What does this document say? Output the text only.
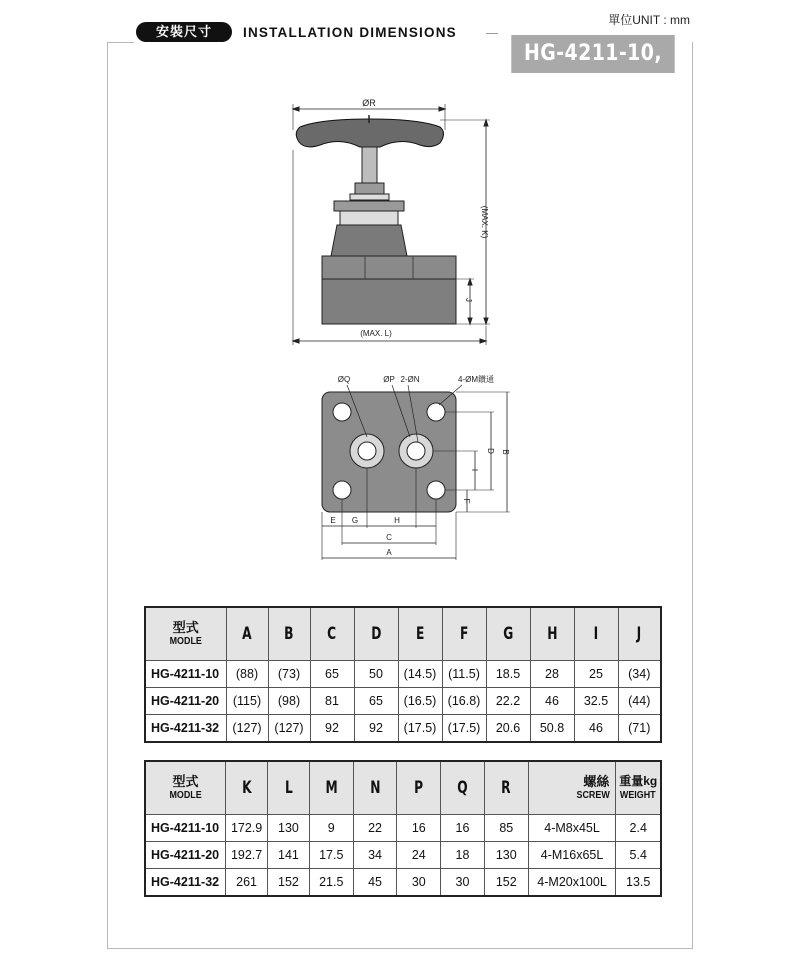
單位UNIT : mm
安裝尺寸	INSTALLATION DIMENSIONS
HG-4211-10, 20. 32
ØR
(MAX. K)
J
(MAX. L)
ØQ	ØP 2-ØN	4-ØM鑽通
D B
I
F
E G	H
C
A
型式
MODLE	A	B	C	D	E	F	G	H	I	J
HG-4211-10	(88)	(73)	65	50	(14.5)	(11.5)	18.5	28	25	(34)
HG-4211-20	(115)	(98)	81	65	(16.5)	(16.8)	22.2	46	32.5	(44)
HG-4211-32	(127)	(127)	92	92	(17.5)	(17.5)	20.6	50.8	46	(71)
型式
MODLE	K	L	M	N	P	Q	R	螺絲
SCREW	重量kg
WEIGHT

HG-4211-10	172.9	130	9	22	16	16	85	4-M8x45L	2.4
HG-4211-20	192.7	141	17.5	34	24	18	130	4-M16x65L	5.4
HG-4211-32	261	152	21.5	45	30	30	152	4-M20x100L	13.5
